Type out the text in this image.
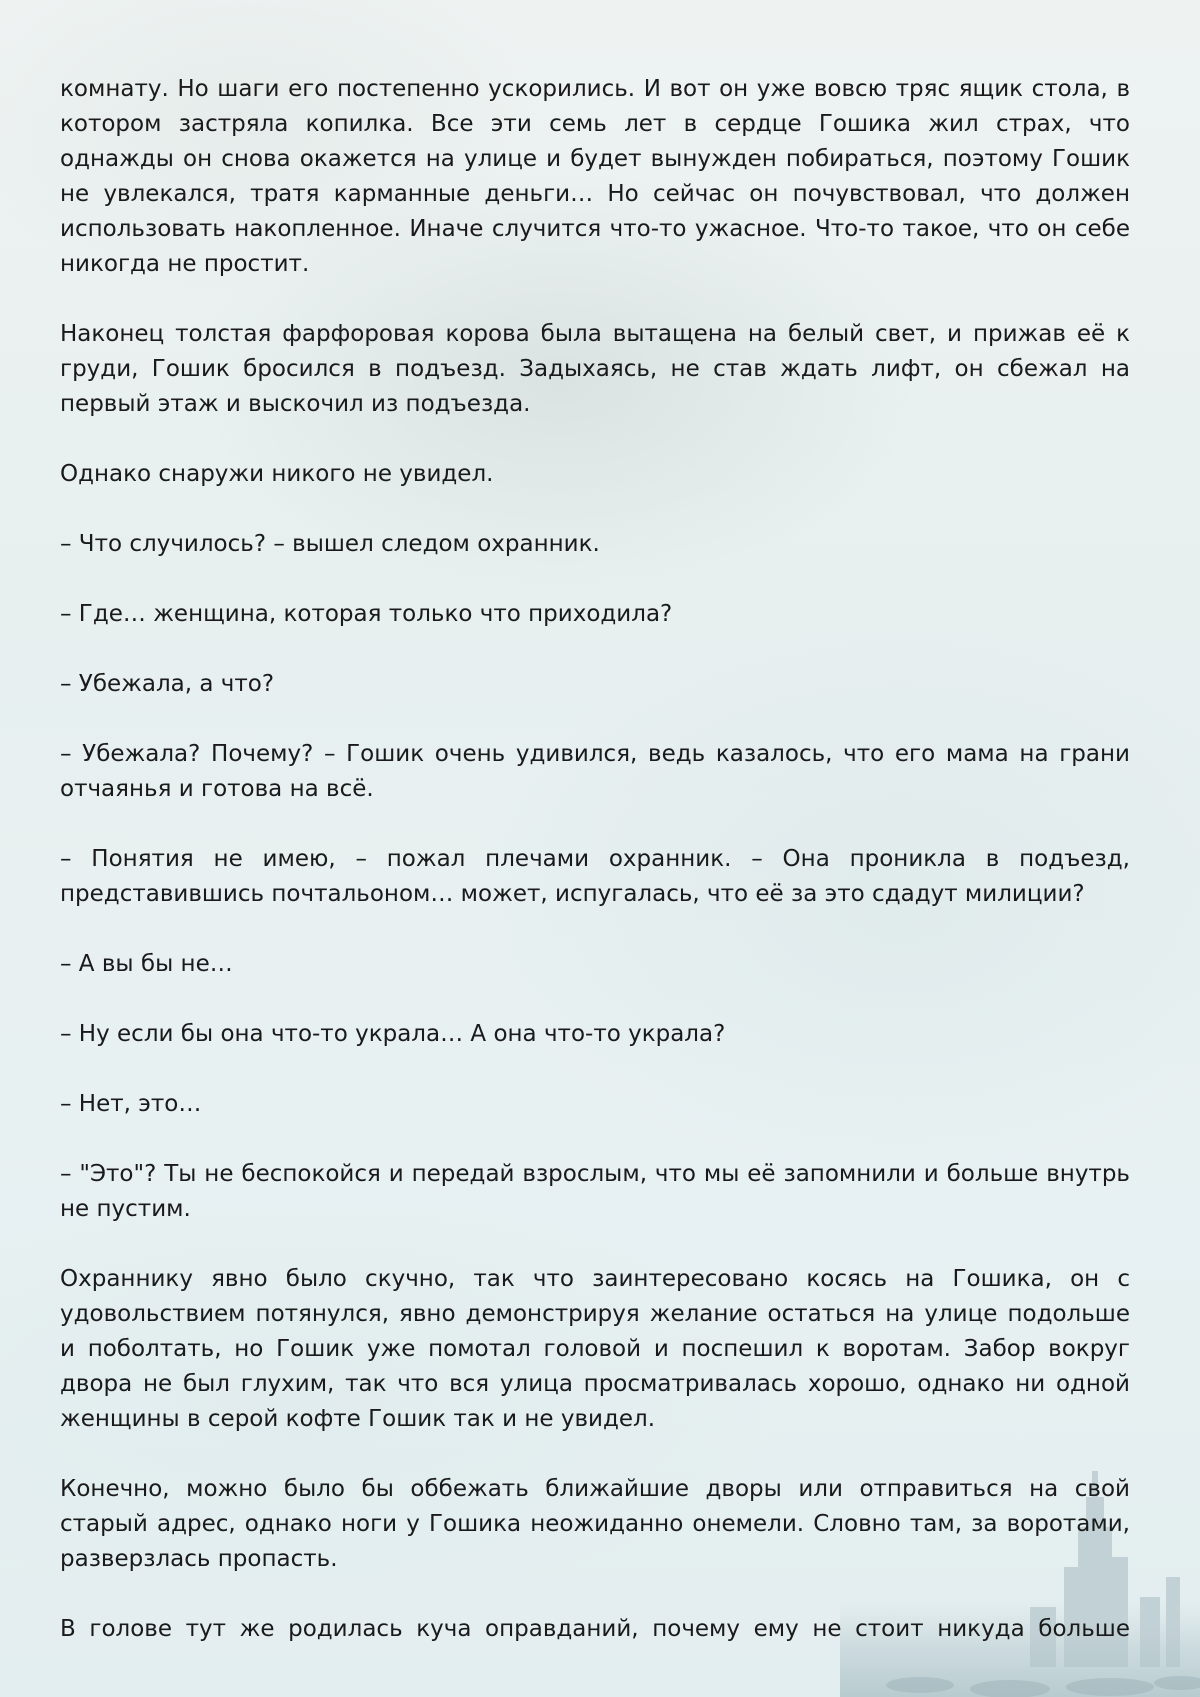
комнату. Но шаги его постепенно ускорились. И вот он уже вовсю тряс ящик стола, в котором застряла копилка. Все эти семь лет в сердце Гошика жил страх, что однажды он снова окажется на улице и будет вынужден побираться, поэтому Гошик не увлекался, тратя карманные деньги… Но сейчас он почувствовал, что должен использовать накопленное. Иначе случится что-то ужасное. Что-то такое, что он себе никогда не простит.

Наконец толстая фарфоровая корова была вытащена на белый свет, и прижав её к груди, Гошик бросился в подъезд. Задыхаясь, не став ждать лифт, он сбежал на первый этаж и выскочил из подъезда.

Однако снаружи никого не увидел.

– Что случилось? – вышел следом охранник.

– Где… женщина, которая только что приходила?

– Убежала, а что?

– Убежала? Почему? – Гошик очень удивился, ведь казалось, что его мама на грани отчаянья и готова на всё.

– Понятия не имею, – пожал плечами охранник. – Она проникла в подъезд, представившись почтальоном… может, испугалась, что её за это сдадут милиции?

– А вы бы не…

– Ну если бы она что-то украла… А она что-то украла?

– Нет, это…

– "Это"? Ты не беспокойся и передай взрослым, что мы её запомнили и больше внутрь не пустим.

Охраннику явно было скучно, так что заинтересовано косясь на Гошика, он с удовольствием потянулся, явно демонстрируя желание остаться на улице подольше и поболтать, но Гошик уже помотал головой и поспешил к воротам. Забор вокруг двора не был глухим, так что вся улица просматривалась хорошо, однако ни одной женщины в серой кофте Гошик так и не увидел.

Конечно, можно было бы оббежать ближайшие дворы или отправиться на свой старый адрес, однако ноги у Гошика неожиданно онемели. Словно там, за воротами, разверзлась пропасть.

В голове тут же родилась куча оправданий, почему ему не стоит никуда больше
